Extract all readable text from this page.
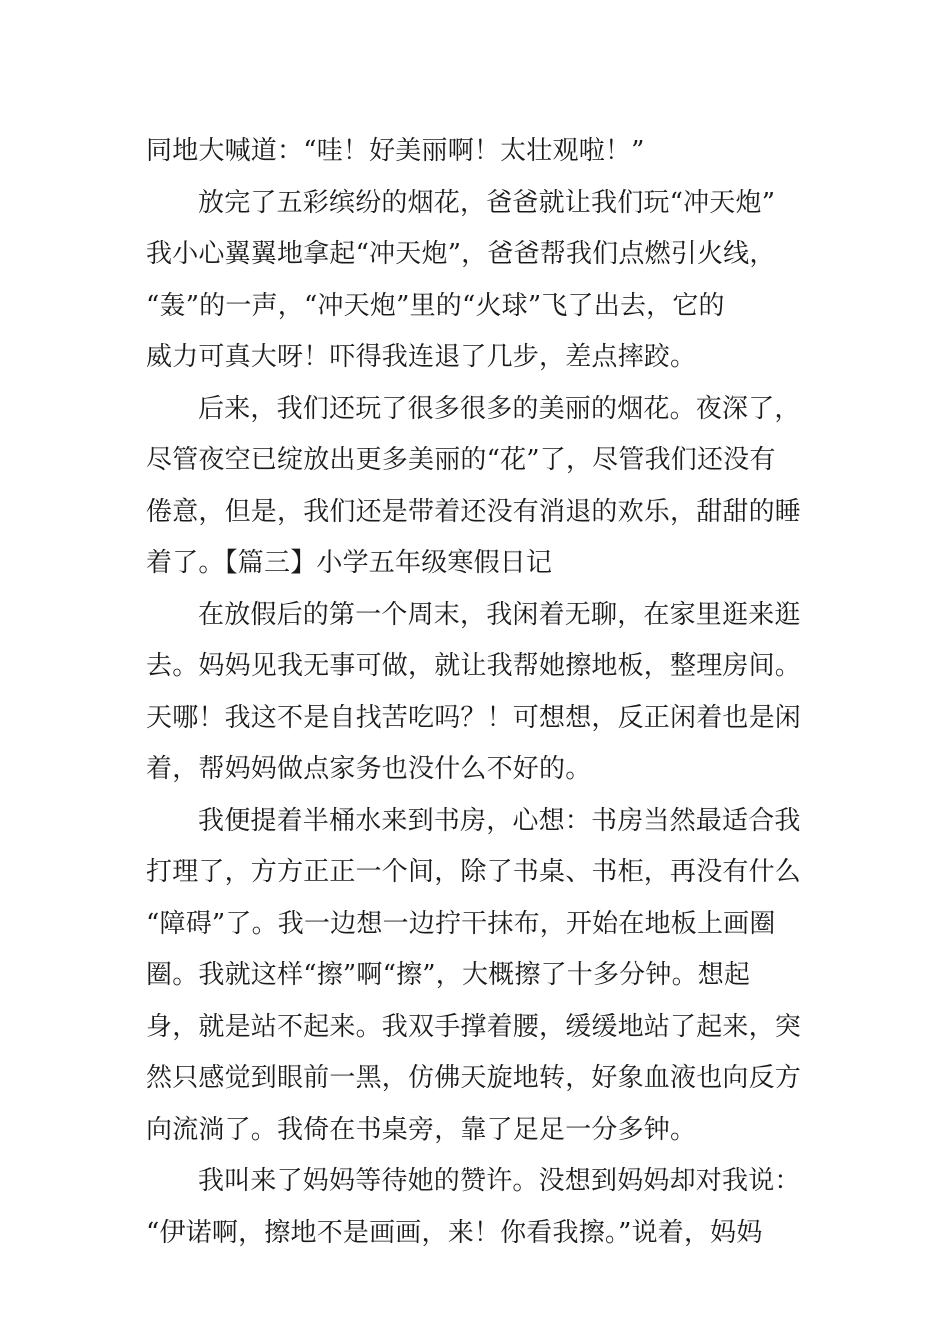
同地大喊道：“哇！好美丽啊！太壮观啦！”
放完了五彩缤纷的烟花，爸爸就让我们玩“冲天炮”
我小心翼翼地拿起“冲天炮”，爸爸帮我们点燃引火线，
“轰”的一声，“冲天炮”里的“火球”飞了出去，它的
威力可真大呀！吓得我连退了几步，差点摔跤。
后来，我们还玩了很多很多的美丽的烟花。夜深了，
尽管夜空已绽放出更多美丽的“花”了，尽管我们还没有
倦意，但是，我们还是带着还没有消退的欢乐，甜甜的睡
着了。【篇三】小学五年级寒假日记
在放假后的第一个周末，我闲着无聊，在家里逛来逛
去。妈妈见我无事可做，就让我帮她擦地板，整理房间。
天哪！我这不是自找苦吃吗？！可想想，反正闲着也是闲
着，帮妈妈做点家务也没什么不好的。
我便提着半桶水来到书房，心想：书房当然最适合我
打理了，方方正正一个间，除了书桌、书柜，再没有什么
“障碍”了。我一边想一边拧干抹布，开始在地板上画圈
圈。我就这样“擦”啊“擦”，大概擦了十多分钟。想起
身，就是站不起来。我双手撑着腰，缓缓地站了起来，突
然只感觉到眼前一黑，仿佛天旋地转，好象血液也向反方
向流淌了。我倚在书桌旁，靠了足足一分多钟。
我叫来了妈妈等待她的赞许。没想到妈妈却对我说：
“伊诺啊，擦地不是画画，来！你看我擦。”说着，妈妈
